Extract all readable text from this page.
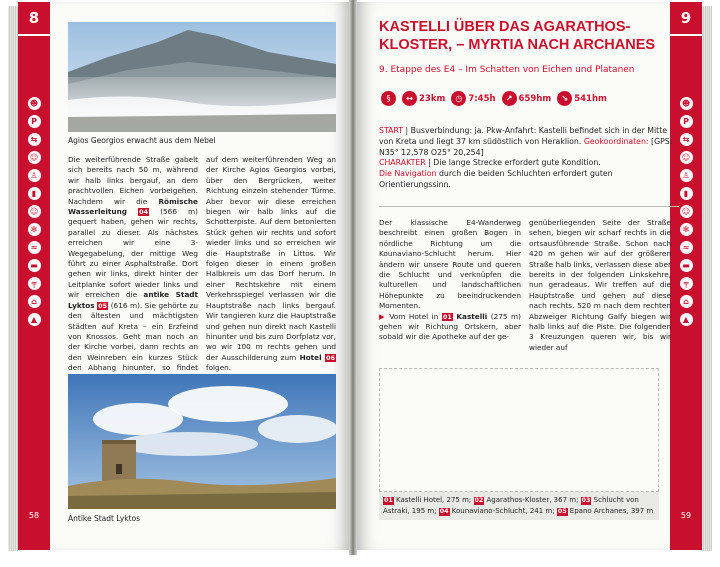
8
☻
P
⇆
☺
♙
▮
☺
✻
≈
▬
╤
⌂
▲
Agios Georgios erwacht aus dem Nebel
Die weiterführende Straße gabelt sich bereits nach 50 m, während wir halb links bergauf, an dem prachtvollen Eichen vorbeigehen. Nachdem wir die Römische Wasserleitung 04 (566 m) gequert haben, gehen wir rechts, parallel zu dieser. Als nächstes erreichen wir eine 3-Wegegabelung, der mittige Weg führt zu einer Asphaltstraße. Dort gehen wir links, direkt hinter der Leitplanke sofort wieder links und wir erreichen die antike Stadt Lyktos 05 (616 m). Sie gehörte zu den ältesten und mächtigsten Städten auf Kreta – ein Erzfeind von Knossos. Geht man noch an der Kirche vorbei, dann rechts an den Weinreben ein kurzes Stück den Abhang hinunter, so findet
auf dem weiterführenden Weg an der Kirche Agios Georgios vorbei, über den Bergrücken, weiter Richtung einzeln stehender Türme. Aber bevor wir diese erreichen biegen wir halb links auf die Schotterpiste. Auf dem betonierten Stück gehen wir rechts und sofort wieder links und so erreichen wir die Hauptstraße in Littos. Wir folgen dieser in einem großen Halbkreis um das Dorf herum. In einer Rechtskehre mit einem Verkehrsspiegel verlassen wir die Hauptstraße nach links bergauf. Wir tangieren kurz die Hauptstraße und gehen nun direkt nach Kastelli hinunter und bis zum Dorfplatz vor, wo wir 100 m rechts gehen und der Ausschilderung zum Hotel 06 folgen.
Antike Stadt Lyktos
58
9
☻
P
⇆
☺
♙
▮
☺
✻
≈
▬
╤
⌂
▲
KASTELLI ÜBER DAS AGARATHOS-KLOSTER, – MYRTIA NACH ARCHANES
9. Etappe des E4 – Im Schatten von Eichen und Platanen
§	↔ 23km	◷ 7:45h	↗ 659hm	↘ 541hm
START | Busverbindung: ja. Pkw-Anfahrt: Kastelli befindet sich in der Mitte von Kreta und liegt 37 km südöstlich von Heraklion. Geokoordinaten: [GPS: N35° 12,578 O25° 20,254]
CHARAKTER | Die lange Strecke erfordert gute Kondition.
Die Navigation durch die beiden Schluchten erfordert guten Orientierungssinn.
Der klassische E4-Wanderweg beschreibt einen großen Bogen in nördliche Richtung um die Kounaviano-Schlucht herum. Hier ändern wir unsere Route und queren die Schlucht und verknüpfen die kulturellen und landschaftlichen Höhepunkte zu beeindruckenden Momenten.
▶ Vom Hotel in 01 Kastelli (275 m) gehen wir Richtung Ortskern, aber sobald wir die Apotheke auf der ge-
genüberliegenden Seite der Straße sehen, biegen wir scharf rechts in die ortsausführende Straße. Schon nach 420 m gehen wir auf der größeren Straße halb links, verlassen diese aber bereits in der folgenden Linkskehre, nun geradeaus. Wir treffen auf die Hauptstraße und gehen auf diese nach rechts. 520 m nach dem rechten Abzweiger Richtung Galfy biegen wir halb links auf die Piste. Die folgenden 3 Kreuzungen queren wir, bis wir wieder auf
01 Kastelli Hotel, 275 m; 02 Agarathos-Kloster, 367 m; 03 Schlucht von Astraki, 195 m; 04 Kounaviano-Schlucht, 241 m; 05 Epano Archanes, 397 m	59
